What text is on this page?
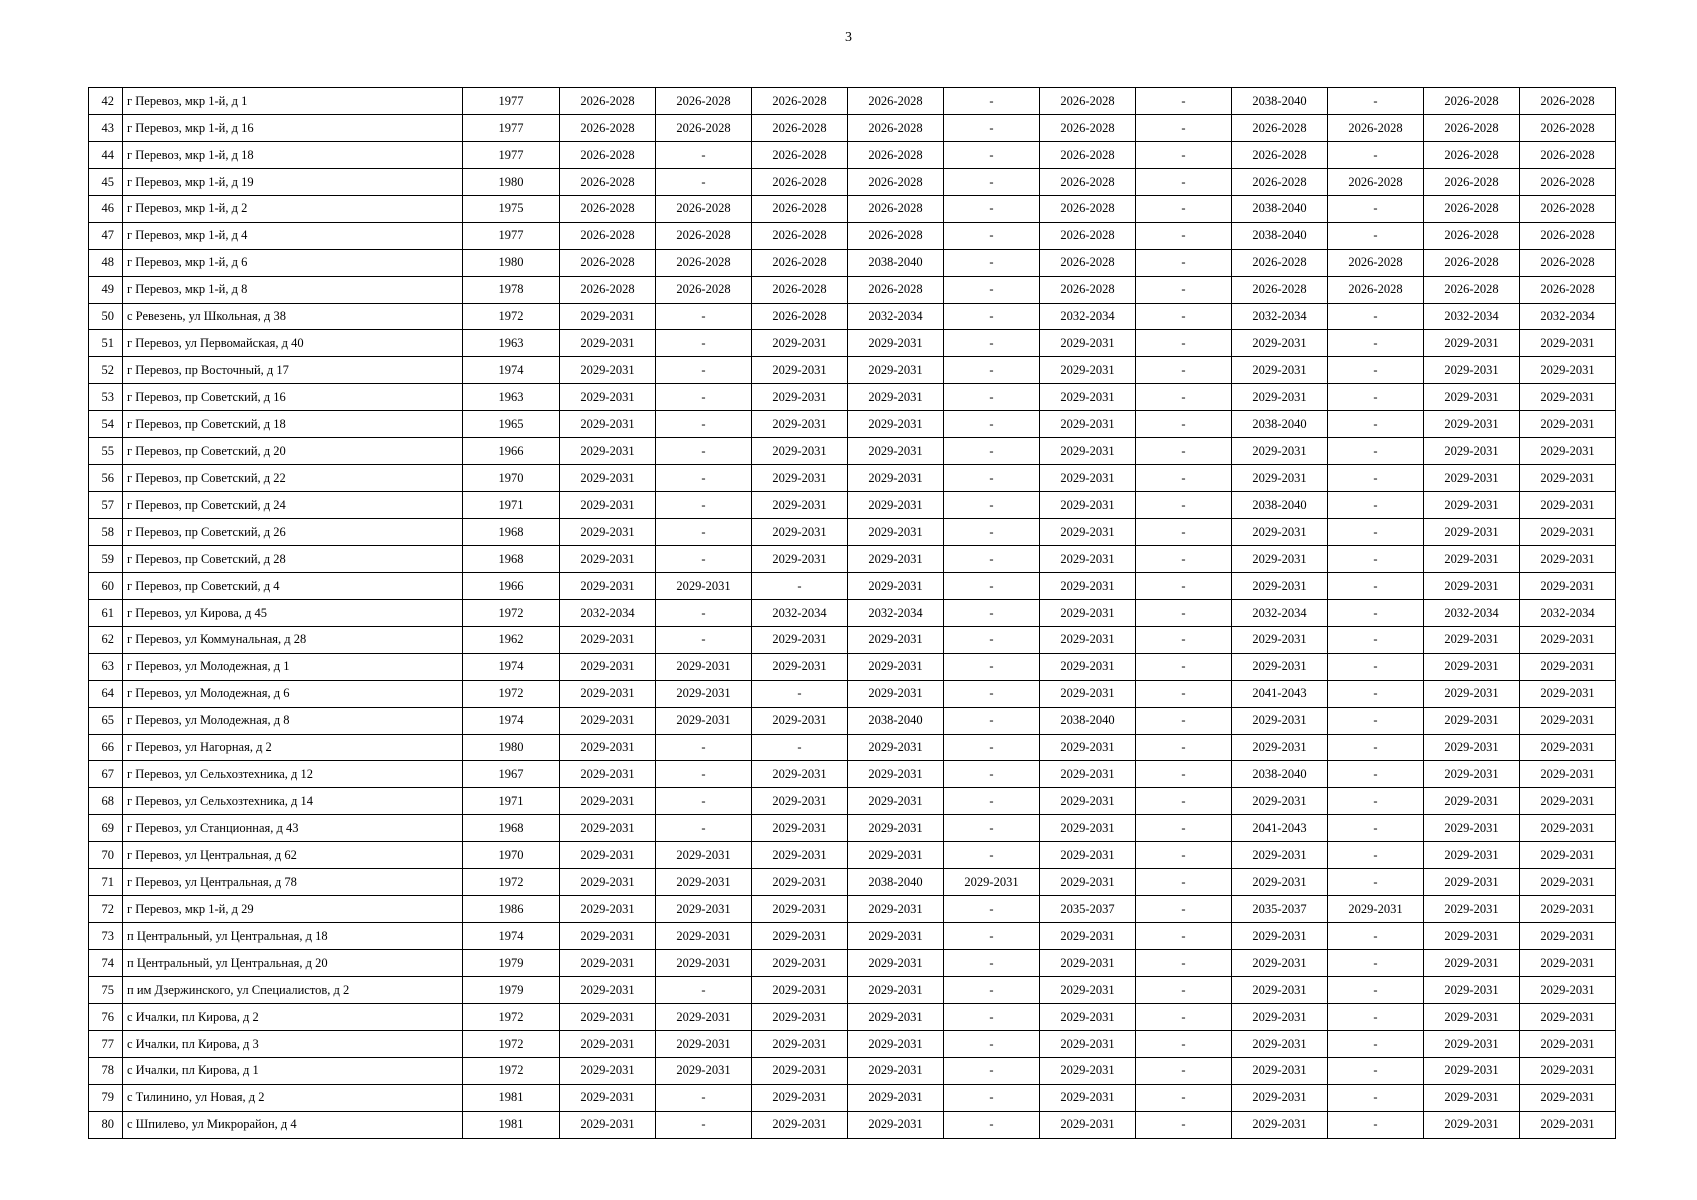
3
42	г Перевоз, мкр 1-й, д 1	1977	2026-2028	2026-2028	2026-2028	2026-2028	-	2026-2028	-	2038-2040	-	2026-2028	2026-2028
43	г Перевоз, мкр 1-й, д 16	1977	2026-2028	2026-2028	2026-2028	2026-2028	-	2026-2028	-	2026-2028	2026-2028	2026-2028	2026-2028
44	г Перевоз, мкр 1-й, д 18	1977	2026-2028	-	2026-2028	2026-2028	-	2026-2028	-	2026-2028	-	2026-2028	2026-2028
45	г Перевоз, мкр 1-й, д 19	1980	2026-2028	-	2026-2028	2026-2028	-	2026-2028	-	2026-2028	2026-2028	2026-2028	2026-2028
46	г Перевоз, мкр 1-й, д 2	1975	2026-2028	2026-2028	2026-2028	2026-2028	-	2026-2028	-	2038-2040	-	2026-2028	2026-2028
47	г Перевоз, мкр 1-й, д 4	1977	2026-2028	2026-2028	2026-2028	2026-2028	-	2026-2028	-	2038-2040	-	2026-2028	2026-2028
48	г Перевоз, мкр 1-й, д 6	1980	2026-2028	2026-2028	2026-2028	2038-2040	-	2026-2028	-	2026-2028	2026-2028	2026-2028	2026-2028
49	г Перевоз, мкр 1-й, д 8	1978	2026-2028	2026-2028	2026-2028	2026-2028	-	2026-2028	-	2026-2028	2026-2028	2026-2028	2026-2028
50	с Ревезень, ул Школьная, д 38	1972	2029-2031	-	2026-2028	2032-2034	-	2032-2034	-	2032-2034	-	2032-2034	2032-2034
51	г Перевоз, ул Первомайская, д 40	1963	2029-2031	-	2029-2031	2029-2031	-	2029-2031	-	2029-2031	-	2029-2031	2029-2031
52	г Перевоз, пр Восточный, д 17	1974	2029-2031	-	2029-2031	2029-2031	-	2029-2031	-	2029-2031	-	2029-2031	2029-2031
53	г Перевоз, пр Советский, д 16	1963	2029-2031	-	2029-2031	2029-2031	-	2029-2031	-	2029-2031	-	2029-2031	2029-2031
54	г Перевоз, пр Советский, д 18	1965	2029-2031	-	2029-2031	2029-2031	-	2029-2031	-	2038-2040	-	2029-2031	2029-2031
55	г Перевоз, пр Советский, д 20	1966	2029-2031	-	2029-2031	2029-2031	-	2029-2031	-	2029-2031	-	2029-2031	2029-2031
56	г Перевоз, пр Советский, д 22	1970	2029-2031	-	2029-2031	2029-2031	-	2029-2031	-	2029-2031	-	2029-2031	2029-2031
57	г Перевоз, пр Советский, д 24	1971	2029-2031	-	2029-2031	2029-2031	-	2029-2031	-	2038-2040	-	2029-2031	2029-2031
58	г Перевоз, пр Советский, д 26	1968	2029-2031	-	2029-2031	2029-2031	-	2029-2031	-	2029-2031	-	2029-2031	2029-2031
59	г Перевоз, пр Советский, д 28	1968	2029-2031	-	2029-2031	2029-2031	-	2029-2031	-	2029-2031	-	2029-2031	2029-2031
60	г Перевоз, пр Советский, д 4	1966	2029-2031	2029-2031	-	2029-2031	-	2029-2031	-	2029-2031	-	2029-2031	2029-2031
61	г Перевоз, ул Кирова, д 45	1972	2032-2034	-	2032-2034	2032-2034	-	2029-2031	-	2032-2034	-	2032-2034	2032-2034
62	г Перевоз, ул Коммунальная, д 28	1962	2029-2031	-	2029-2031	2029-2031	-	2029-2031	-	2029-2031	-	2029-2031	2029-2031
63	г Перевоз, ул Молодежная, д 1	1974	2029-2031	2029-2031	2029-2031	2029-2031	-	2029-2031	-	2029-2031	-	2029-2031	2029-2031
64	г Перевоз, ул Молодежная, д 6	1972	2029-2031	2029-2031	-	2029-2031	-	2029-2031	-	2041-2043	-	2029-2031	2029-2031
65	г Перевоз, ул Молодежная, д 8	1974	2029-2031	2029-2031	2029-2031	2038-2040	-	2038-2040	-	2029-2031	-	2029-2031	2029-2031
66	г Перевоз, ул Нагорная, д 2	1980	2029-2031	-	-	2029-2031	-	2029-2031	-	2029-2031	-	2029-2031	2029-2031
67	г Перевоз, ул Сельхозтехника, д 12	1967	2029-2031	-	2029-2031	2029-2031	-	2029-2031	-	2038-2040	-	2029-2031	2029-2031
68	г Перевоз, ул Сельхозтехника, д 14	1971	2029-2031	-	2029-2031	2029-2031	-	2029-2031	-	2029-2031	-	2029-2031	2029-2031
69	г Перевоз, ул Станционная, д 43	1968	2029-2031	-	2029-2031	2029-2031	-	2029-2031	-	2041-2043	-	2029-2031	2029-2031
70	г Перевоз, ул Центральная, д 62	1970	2029-2031	2029-2031	2029-2031	2029-2031	-	2029-2031	-	2029-2031	-	2029-2031	2029-2031
71	г Перевоз, ул Центральная, д 78	1972	2029-2031	2029-2031	2029-2031	2038-2040	2029-2031	2029-2031	-	2029-2031	-	2029-2031	2029-2031
72	г Перевоз, мкр 1-й, д 29	1986	2029-2031	2029-2031	2029-2031	2029-2031	-	2035-2037	-	2035-2037	2029-2031	2029-2031	2029-2031
73	п Центральный, ул Центральная, д 18	1974	2029-2031	2029-2031	2029-2031	2029-2031	-	2029-2031	-	2029-2031	-	2029-2031	2029-2031
74	п Центральный, ул Центральная, д 20	1979	2029-2031	2029-2031	2029-2031	2029-2031	-	2029-2031	-	2029-2031	-	2029-2031	2029-2031
75	п им Дзержинского, ул Специалистов, д 2	1979	2029-2031	-	2029-2031	2029-2031	-	2029-2031	-	2029-2031	-	2029-2031	2029-2031
76	с Ичалки, пл Кирова, д 2	1972	2029-2031	2029-2031	2029-2031	2029-2031	-	2029-2031	-	2029-2031	-	2029-2031	2029-2031
77	с Ичалки, пл Кирова, д 3	1972	2029-2031	2029-2031	2029-2031	2029-2031	-	2029-2031	-	2029-2031	-	2029-2031	2029-2031
78	с Ичалки, пл Кирова, д 1	1972	2029-2031	2029-2031	2029-2031	2029-2031	-	2029-2031	-	2029-2031	-	2029-2031	2029-2031
79	с Тилинино, ул Новая, д 2	1981	2029-2031	-	2029-2031	2029-2031	-	2029-2031	-	2029-2031	-	2029-2031	2029-2031
80	с Шпилево, ул Микрорайон, д 4	1981	2029-2031	-	2029-2031	2029-2031	-	2029-2031	-	2029-2031	-	2029-2031	2029-2031
